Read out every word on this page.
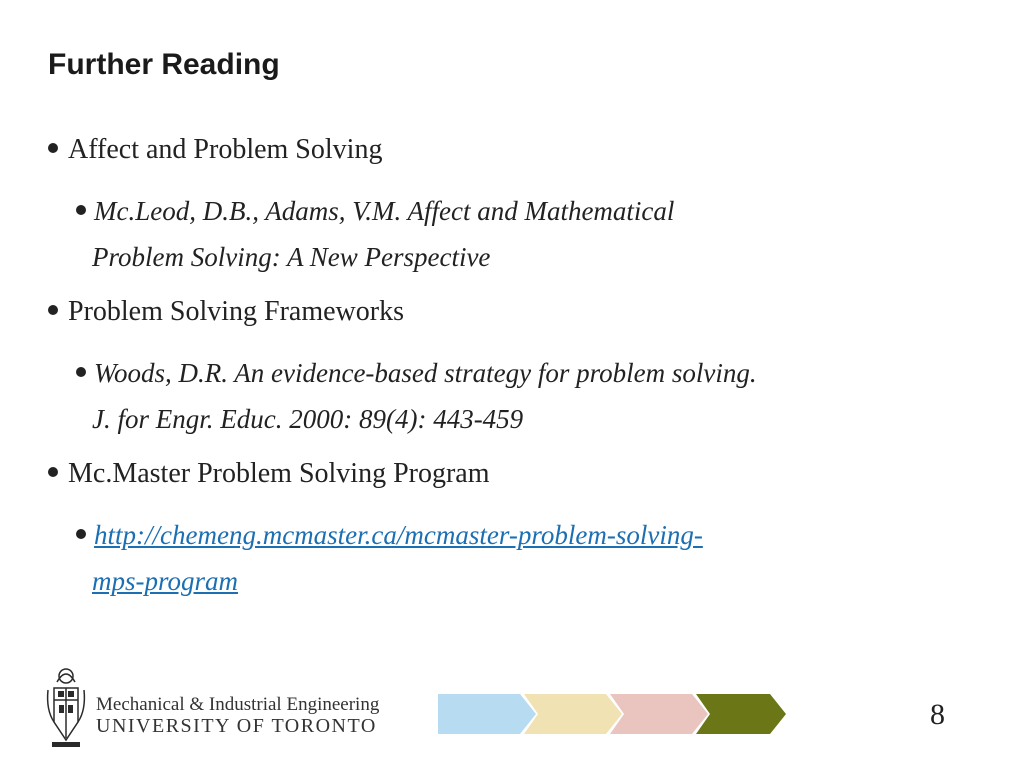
Further Reading
Affect and Problem Solving
Mc.Leod, D.B., Adams, V.M. Affect and Mathematical
Problem Solving: A New Perspective
Problem Solving Frameworks
Woods, D.R. An evidence-based strategy for problem solving.
J. for Engr. Educ. 2000: 89(4): 443-459
Mc.Master Problem Solving Program
http://chemeng.mcmaster.ca/mcmaster-problem-solving-
mps-program
Mechanical & Industrial Engineering
UNIVERSITY OF TORONTO	8
